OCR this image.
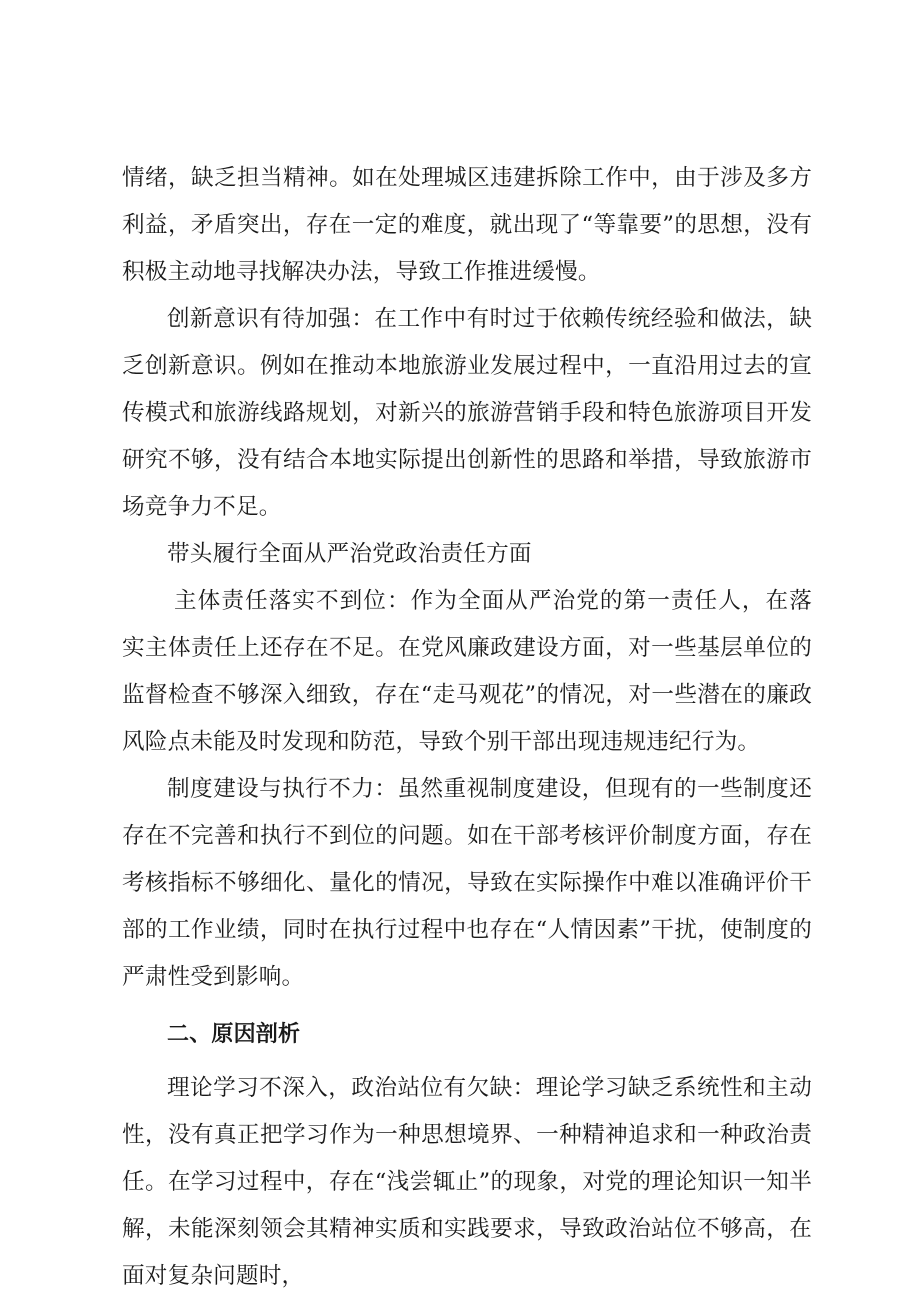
情绪，缺乏担当精神。如在处理城区违建拆除工作中，由于涉及多方利益，矛盾突出，存在一定的难度，就出现了“等靠要”的思想，没有积极主动地寻找解决办法，导致工作推进缓慢。

创新意识有待加强：在工作中有时过于依赖传统经验和做法，缺乏创新意识。例如在推动本地旅游业发展过程中，一直沿用过去的宣传模式和旅游线路规划，对新兴的旅游营销手段和特色旅游项目开发研究不够，没有结合本地实际提出创新性的思路和举措，导致旅游市场竞争力不足。

带头履行全面从严治党政治责任方面

主体责任落实不到位：作为全面从严治党的第一责任人，在落实主体责任上还存在不足。在党风廉政建设方面，对一些基层单位的监督检查不够深入细致，存在“走马观花”的情况，对一些潜在的廉政风险点未能及时发现和防范，导致个别干部出现违规违纪行为。

制度建设与执行不力：虽然重视制度建设，但现有的一些制度还存在不完善和执行不到位的问题。如在干部考核评价制度方面，存在考核指标不够细化、量化的情况，导致在实际操作中难以准确评价干部的工作业绩，同时在执行过程中也存在“人情因素”干扰，使制度的严肃性受到影响。

二、原因剖析

理论学习不深入，政治站位有欠缺：理论学习缺乏系统性和主动性，没有真正把学习作为一种思想境界、一种精神追求和一种政治责任。在学习过程中，存在“浅尝辄止”的现象，对党的理论知识一知半解，未能深刻领会其精神实质和实践要求，导致政治站位不够高，在面对复杂问题时，
